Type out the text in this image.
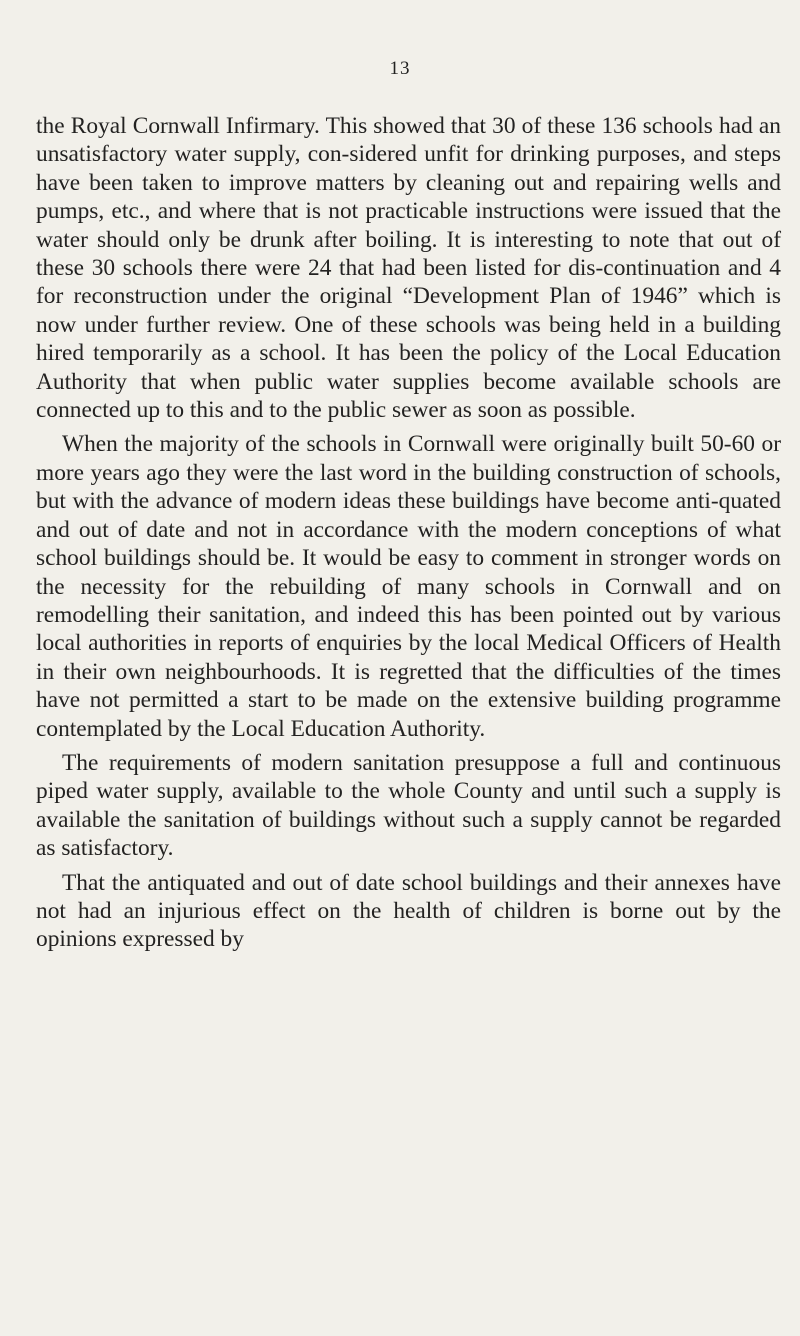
13

the Royal Cornwall Infirmary. This showed that 30 of these 136 schools had an unsatisfactory water supply, con-sidered unfit for drinking purposes, and steps have been taken to improve matters by cleaning out and repairing wells and pumps, etc., and where that is not practicable instructions were issued that the water should only be drunk after boiling. It is interesting to note that out of these 30 schools there were 24 that had been listed for dis-continuation and 4 for reconstruction under the original “Development Plan of 1946” which is now under further review. One of these schools was being held in a building hired temporarily as a school. It has been the policy of the Local Education Authority that when public water supplies become available schools are connected up to this and to the public sewer as soon as possible.

When the majority of the schools in Cornwall were originally built 50-60 or more years ago they were the last word in the building construction of schools, but with the advance of modern ideas these buildings have become anti-quated and out of date and not in accordance with the modern conceptions of what school buildings should be. It would be easy to comment in stronger words on the necessity for the rebuilding of many schools in Cornwall and on remodelling their sanitation, and indeed this has been pointed out by various local authorities in reports of enquiries by the local Medical Officers of Health in their own neighbourhoods. It is regretted that the difficulties of the times have not permitted a start to be made on the extensive building programme contemplated by the Local Education Authority.

The requirements of modern sanitation presuppose a full and continuous piped water supply, available to the whole County and until such a supply is available the sanitation of buildings without such a supply cannot be regarded as satisfactory.

That the antiquated and out of date school buildings and their annexes have not had an injurious effect on the health of children is borne out by the opinions expressed by
